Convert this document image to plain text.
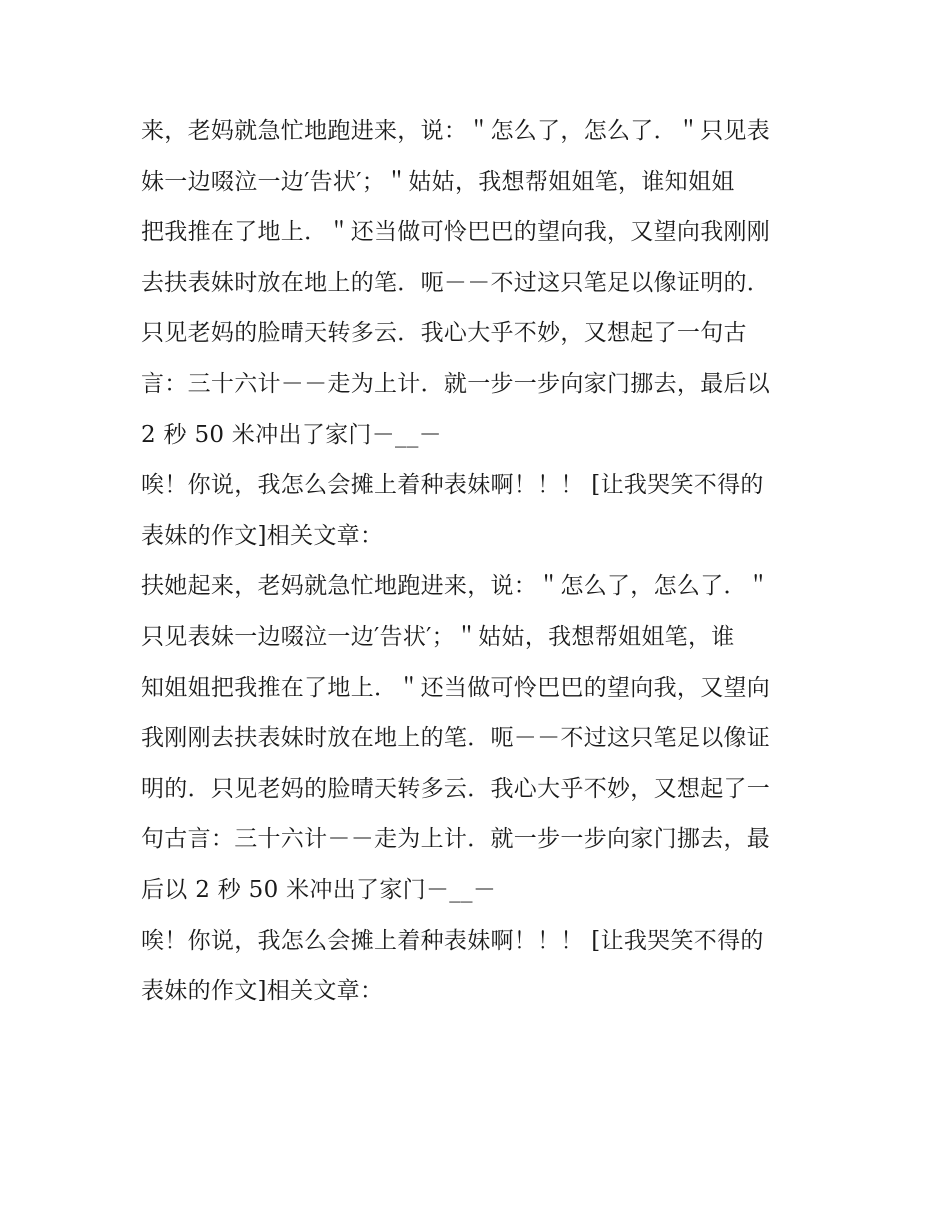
来，老妈就急忙地跑进来，说：＂怎么了，怎么了．＂只见表
妹一边啜泣一边′告状′；＂姑姑，我想帮姐姐笔，谁知姐姐
把我推在了地上．＂还当做可怜巴巴的望向我，又望向我刚刚
去扶表妹时放在地上的笔．呃－－不过这只笔足以像证明的．
只见老妈的脸晴天转多云．我心大乎不妙，又想起了一句古
言：三十六计－－走为上计．就一步一步向家门挪去，最后以
2 秒 50 米冲出了家门－__－
唉！你说，我怎么会摊上着种表妹啊！！！ [让我哭笑不得的
表妹的作文]相关文章：
扶她起来，老妈就急忙地跑进来，说：＂怎么了，怎么了．＂
只见表妹一边啜泣一边′告状′；＂姑姑，我想帮姐姐笔，谁
知姐姐把我推在了地上．＂还当做可怜巴巴的望向我，又望向
我刚刚去扶表妹时放在地上的笔．呃－－不过这只笔足以像证
明的．只见老妈的脸晴天转多云．我心大乎不妙，又想起了一
句古言：三十六计－－走为上计．就一步一步向家门挪去，最
后以 2 秒 50 米冲出了家门－__－
唉！你说，我怎么会摊上着种表妹啊！！！ [让我哭笑不得的
表妹的作文]相关文章：
